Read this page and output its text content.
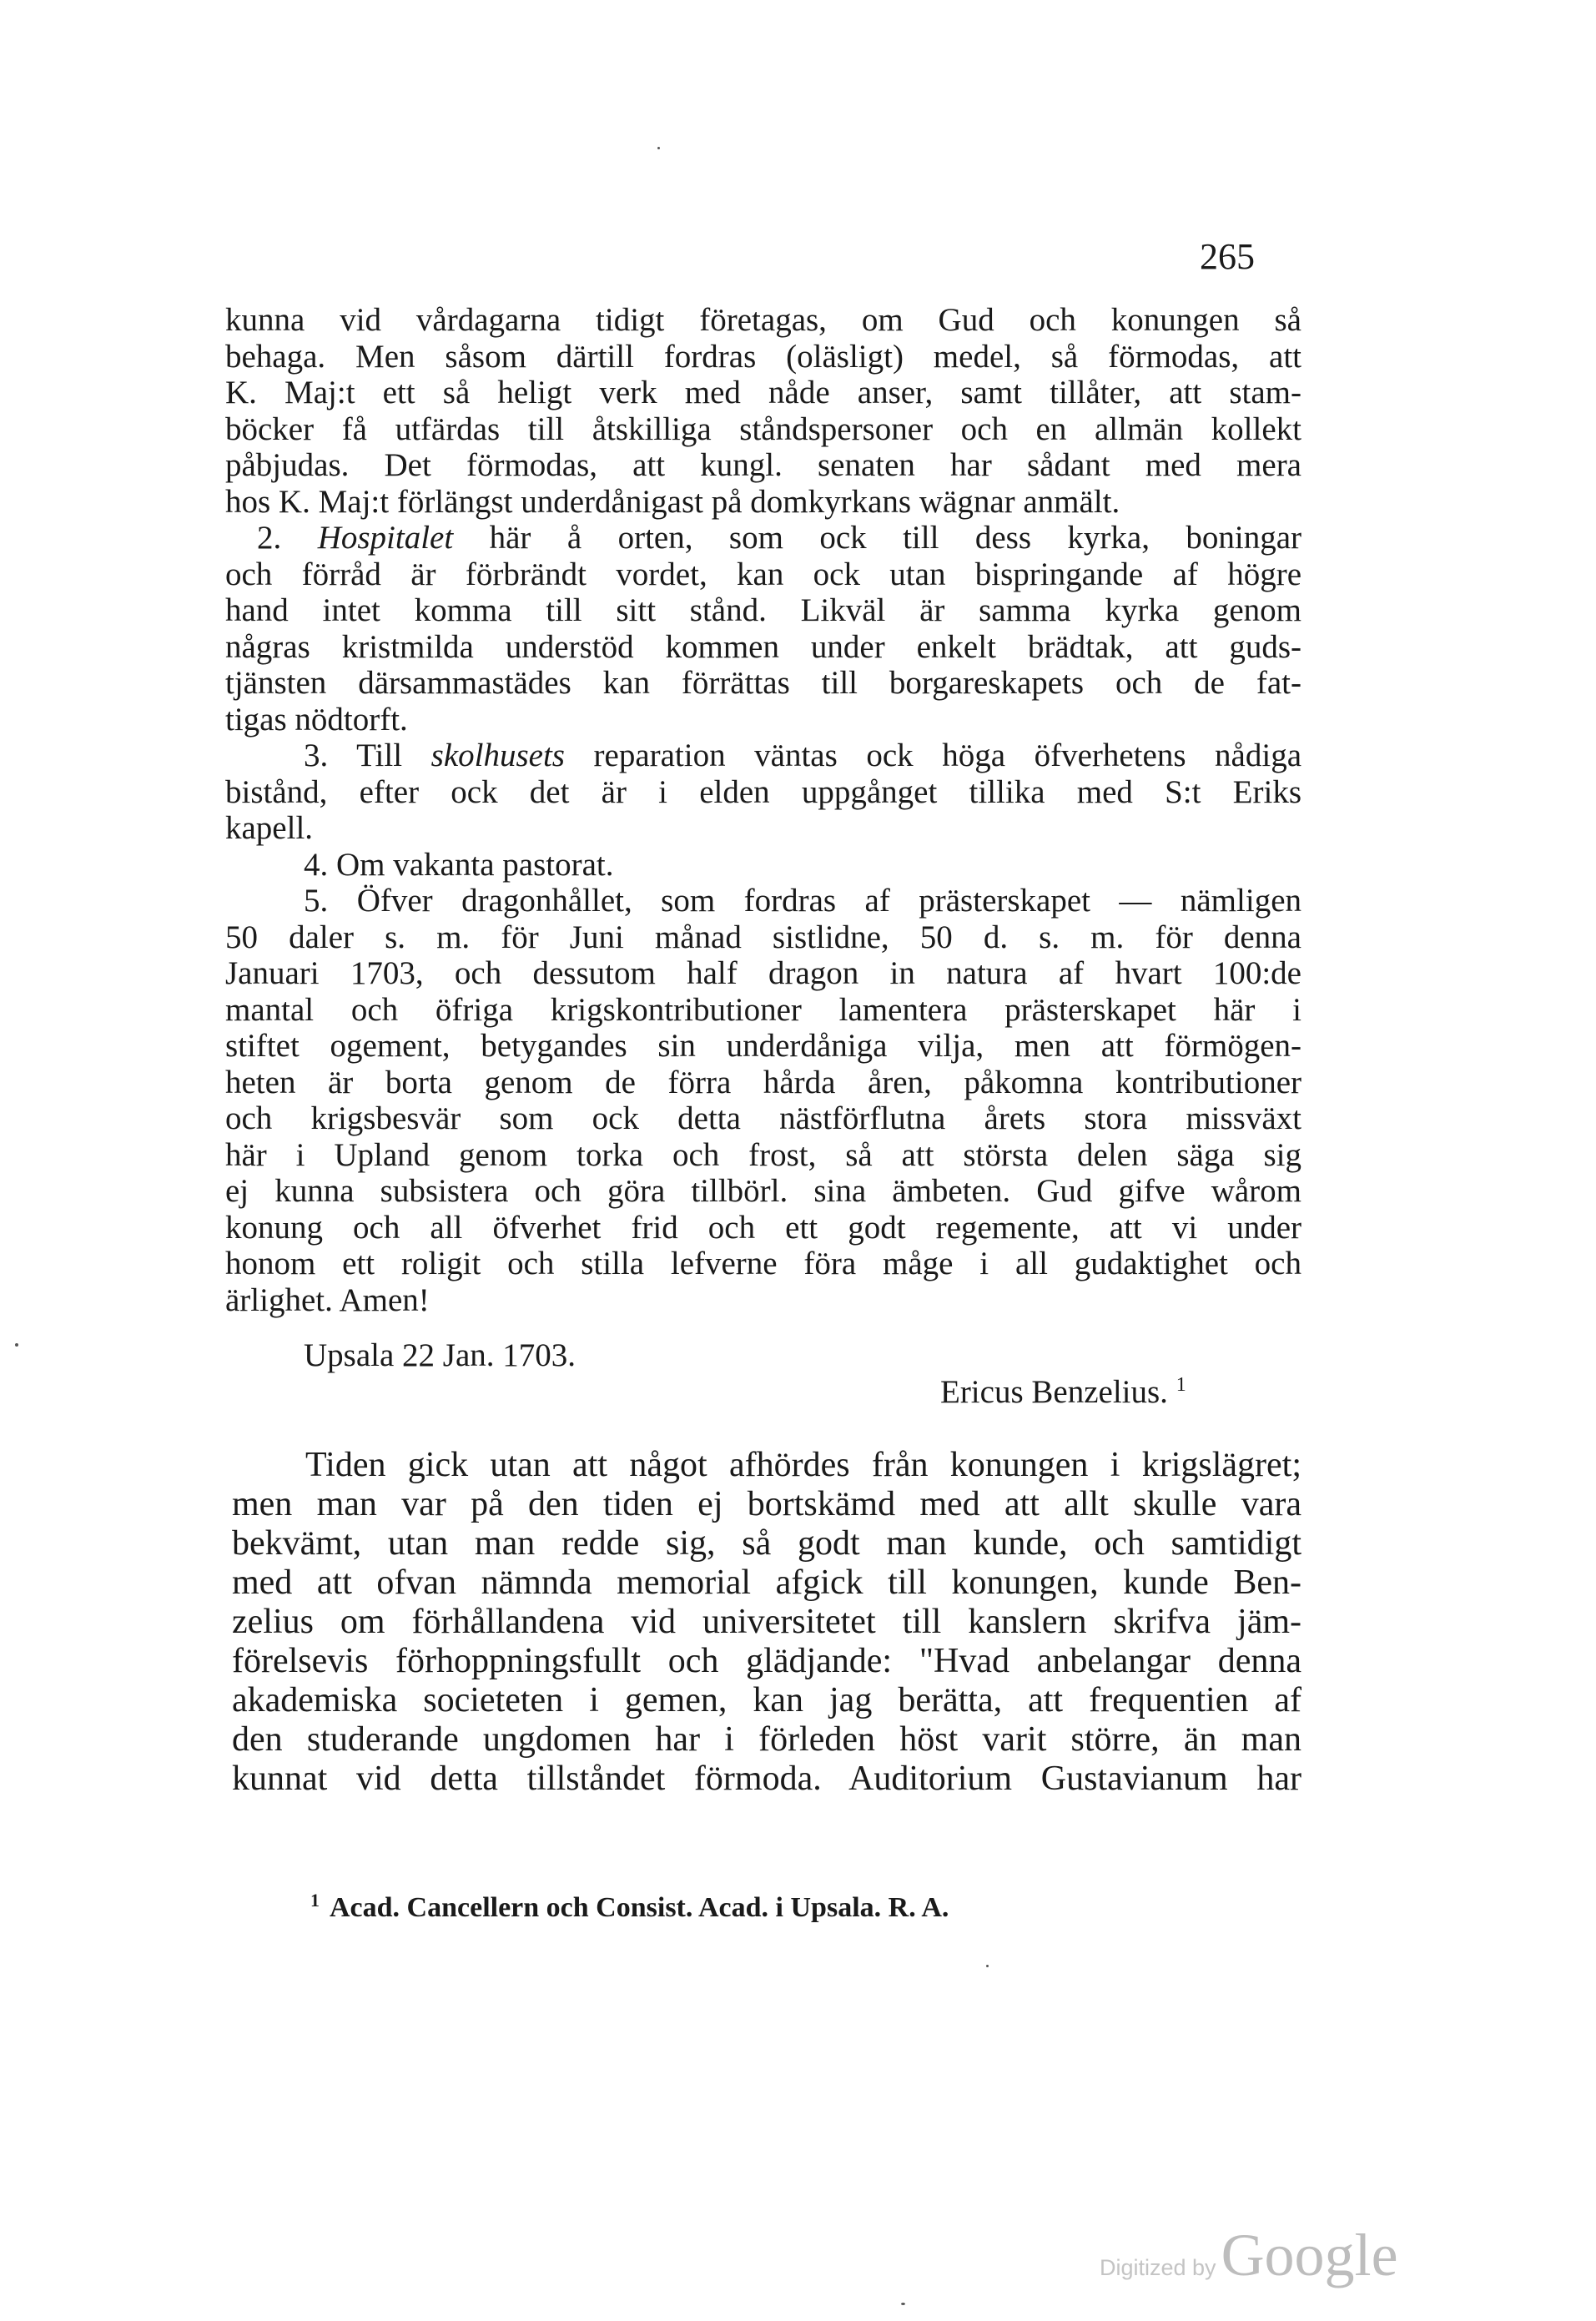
265
kunna vid vårdagarna tidigt företagas, om Gud och konungen så
behaga. Men såsom därtill fordras (oläsligt) medel, så förmodas, att
K. Maj:t ett så heligt verk med nåde anser, samt tillåter, att stam-
böcker få utfärdas till åtskilliga ståndspersoner och en allmän kollekt
påbjudas. Det förmodas, att kungl. senaten har sådant med mera
hos K. Maj:t förlängst underdånigast på domkyrkans wägnar anmält.
2. Hospitalet här å orten, som ock till dess kyrka, boningar
och förråd är förbrändt vordet, kan ock utan bispringande af högre
hand intet komma till sitt stånd. Likväl är samma kyrka genom
någras kristmilda understöd kommen under enkelt brädtak, att guds-
tjänsten därsammastädes kan förrättas till borgareskapets och de fat-
tigas nödtorft.
3. Till skolhusets reparation väntas ock höga öfverhetens nådiga
bistånd, efter ock det är i elden uppgånget tillika med S:t Eriks
kapell.
4. Om vakanta pastorat.
5. Öfver dragonhållet, som fordras af prästerskapet — nämligen
50 daler s. m. för Juni månad sistlidne, 50 d. s. m. för denna
Januari 1703, och dessutom half dragon in natura af hvart 100:de
mantal och öfriga krigskontributioner lamentera prästerskapet här i
stiftet ogement, betygandes sin underdåniga vilja, men att förmögen-
heten är borta genom de förra hårda åren, påkomna kontributioner
och krigsbesvär som ock detta nästförflutna årets stora missväxt
här i Upland genom torka och frost, så att största delen säga sig
ej kunna subsistera och göra tillbörl. sina ämbeten. Gud gifve wårom
konung och all öfverhet frid och ett godt regemente, att vi under
honom ett roligit och stilla lefverne föra måge i all gudaktighet och
ärlighet. Amen!
Upsala 22 Jan. 1703.
Ericus Benzelius. $^1$
Tiden gick utan att något afhördes från konungen i krigslägret;
men man var på den tiden ej bortskämd med att allt skulle vara
bekvämt, utan man redde sig, så godt man kunde, och samtidigt
med att ofvan nämnda memorial afgick till konungen, kunde Ben-
zelius om förhållandena vid universitetet till kanslern skrifva jäm-
förelsevis förhoppningsfullt och glädjande: "Hvad anbelangar denna
akademiska societeten i gemen, kan jag berätta, att frequentien af
den studerande ungdomen har i förleden höst varit större, än man
kunnat vid detta tillståndet förmoda. Auditorium Gustavianum har
$^1$ Acad. Cancellern och Consist. Acad. i Upsala. R. A.
Digitized by Google
